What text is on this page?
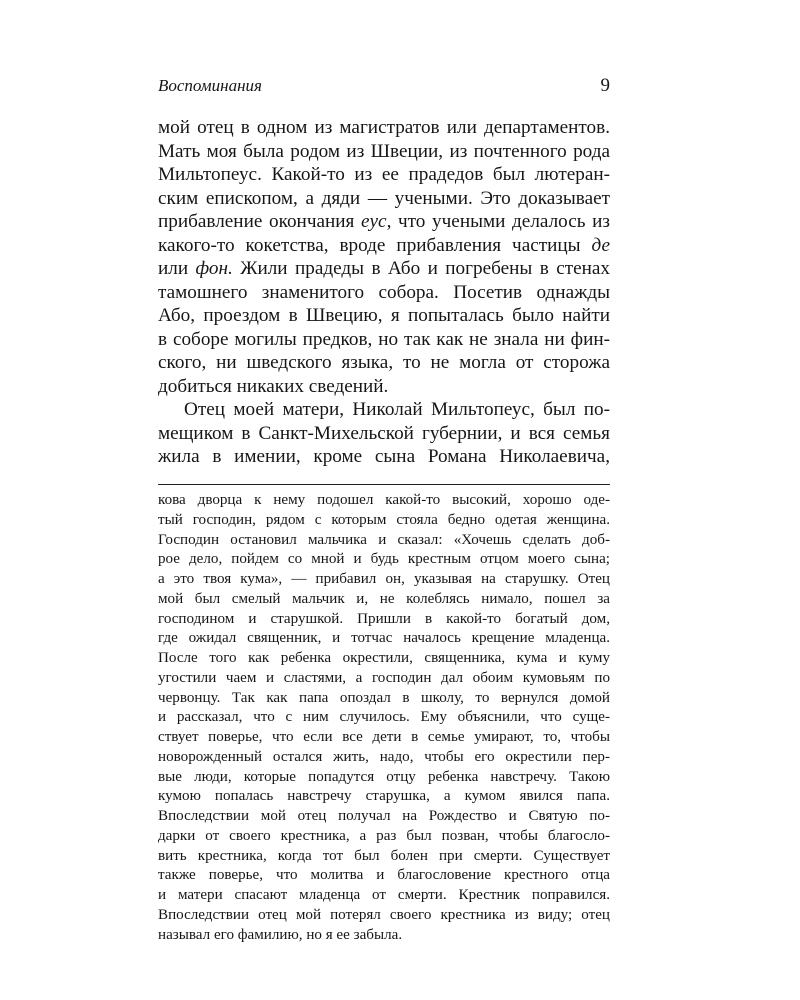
Воспоминания	9
мой отец в одном из магистратов или департаментов.
Мать моя была родом из Швеции, из почтенного рода
Мильтопеус. Какой-то из ее прадедов был лютеран-
ским епископом, а дяди — учеными. Это доказывает
прибавление окончания еус, что учеными делалось из
какого-то кокетства, вроде прибавления частицы де
или фон. Жили прадеды в Або и погребены в стенах
тамошнего знаменитого собора. Посетив однажды
Або, проездом в Швецию, я попыталась было найти
в соборе могилы предков, но так как не знала ни фин-
ского, ни шведского языка, то не могла от сторожа
добиться никаких сведений.
Отец моей матери, Николай Мильтопеус, был по-
мещиком в Санкт-Михельской губернии, и вся семья
жила в имении, кроме сына Романа Николаевича,
кова дворца к нему подошел какой-то высокий, хорошо оде-
тый господин, рядом с которым стояла бедно одетая женщина.
Господин остановил мальчика и сказал: «Хочешь сделать доб-
рое дело, пойдем со мной и будь крестным отцом моего сына;
а это твоя кума», — прибавил он, указывая на старушку. Отец
мой был смелый мальчик и, не колеблясь нимало, пошел за
господином и старушкой. Пришли в какой-то богатый дом,
где ожидал священник, и тотчас началось крещение младенца.
После того как ребенка окрестили, священника, кума и куму
угостили чаем и сластями, а господин дал обоим кумовьям по
червонцу. Так как папа опоздал в школу, то вернулся домой
и рассказал, что с ним случилось. Ему объяснили, что суще-
ствует поверье, что если все дети в семье умирают, то, чтобы
новорожденный остался жить, надо, чтобы его окрестили пер-
вые люди, которые попадутся отцу ребенка навстречу. Такою
кумою попалась навстречу старушка, а кумом явился папа.
Впоследствии мой отец получал на Рождество и Святую по-
дарки от своего крестника, а раз был позван, чтобы благосло-
вить крестника, когда тот был болен при смерти. Существует
также поверье, что молитва и благословение крестного отца
и матери спасают младенца от смерти. Крестник поправился.
Впоследствии отец мой потерял своего крестника из виду; отец
называл его фамилию, но я ее забыла.
